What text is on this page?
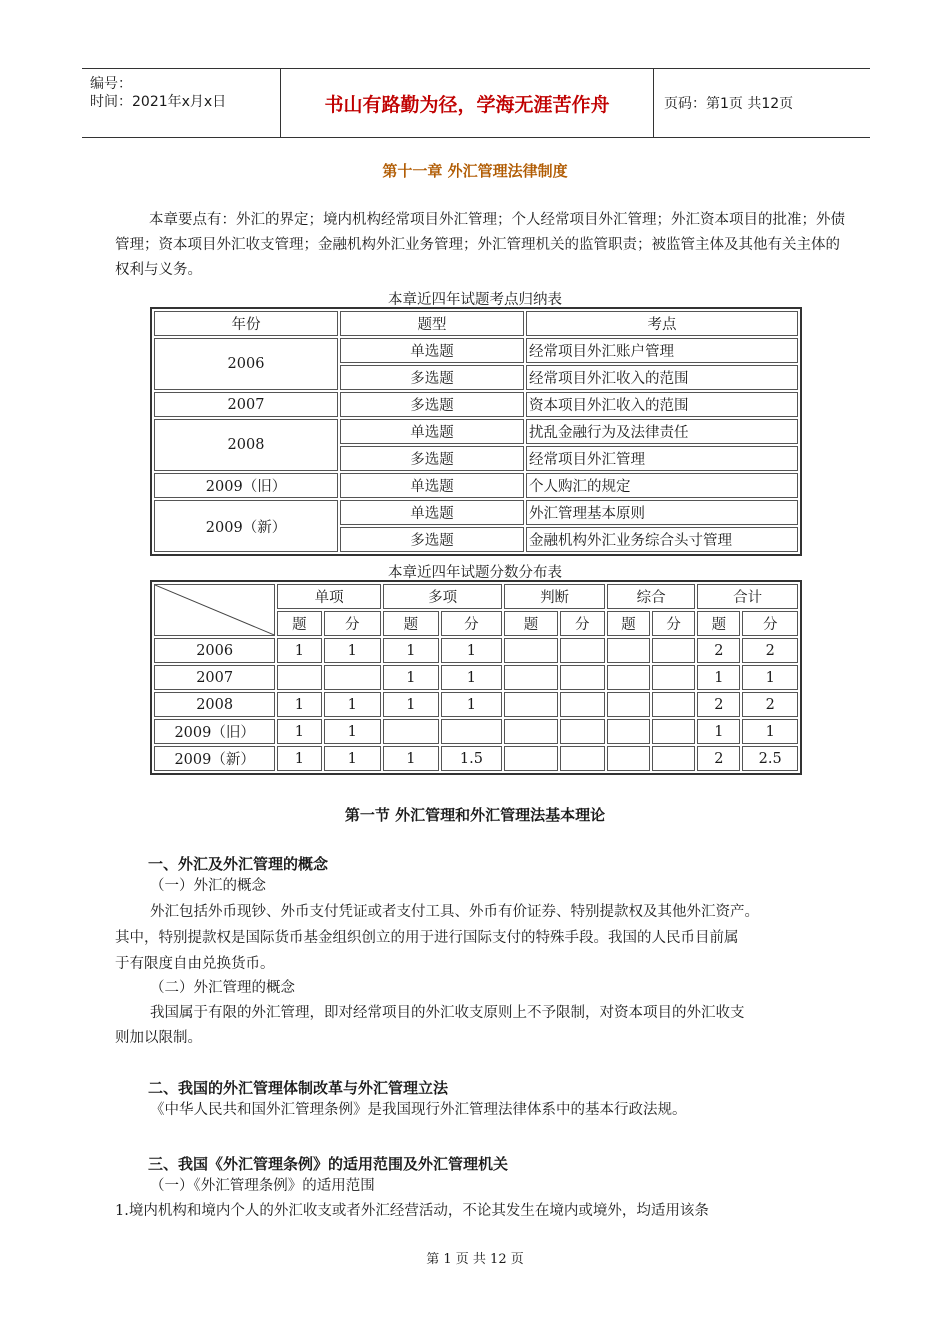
编号：
时间：2021年x月x日	书山有路勤为径，学海无涯苦作舟	页码：第1页 共12页
第十一章 外汇管理法律制度
本章要点有：外汇的界定；境内机构经常项目外汇管理；个人经常项目外汇管理；外汇资本项目的批准；外债管理；资本项目外汇收支管理；金融机构外汇业务管理；外汇管理机关的监管职责；被监管主体及其他有关主体的权利与义务。
本章近四年试题考点归纳表
年份	题型	考点
2006	单选题	经常项目外汇账户管理
	多选题	经常项目外汇收入的范围
2007	多选题	资本项目外汇收入的范围
2008	单选题	扰乱金融行为及法律责任
	多选题	经常项目外汇管理
2009（旧）	单选题	个人购汇的规定
2009（新）	单选题	外汇管理基本原则
	多选题	金融机构外汇业务综合头寸管理
本章近四年试题分数分布表
	单项		多项		判断		综合		合计	
	题	分	题	分	题	分	题	分	题	分
2006	1	1	1	1					2	2
2007			1	1					1	1
2008	1	1	1	1					2	2
2009（旧）	1	1							1	1
2009（新）	1	1	1	1.5					2	2.5
第一节 外汇管理和外汇管理法基本理论
一、外汇及外汇管理的概念
（一）外汇的概念
外汇包括外币现钞、外币支付凭证或者支付工具、外币有价证券、特别提款权及其他外汇资产。
其中，特别提款权是国际货币基金组织创立的用于进行国际支付的特殊手段。我国的人民币目前属
于有限度自由兑换货币。
（二）外汇管理的概念
我国属于有限的外汇管理，即对经常项目的外汇收支原则上不予限制，对资本项目的外汇收支
则加以限制。
二、我国的外汇管理体制改革与外汇管理立法
《中华人民共和国外汇管理条例》是我国现行外汇管理法律体系中的基本行政法规。
三、我国《外汇管理条例》的适用范围及外汇管理机关
（一）《外汇管理条例》的适用范围
1.境内机构和境内个人的外汇收支或者外汇经营活动，不论其发生在境内或境外，均适用该条
第 1 页 共 12 页
